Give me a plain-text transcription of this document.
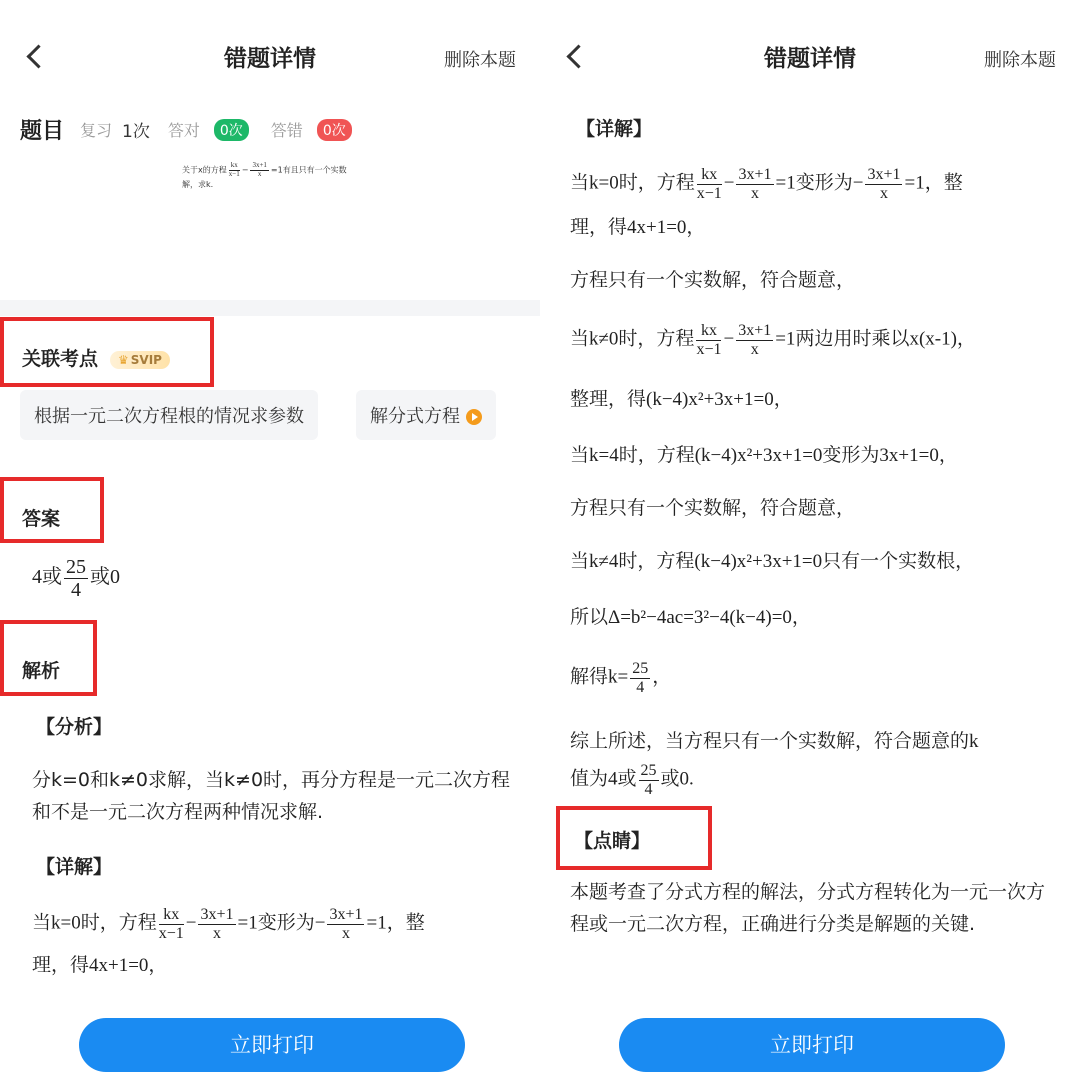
错题详情	删除本题
题目 复习 1次 答对	0次	答错	0次
关于x的方程 $\frac{kx}{x-1} - \frac{3x+1}{x} =1$有且只有一个实数
解，求k.
关联考点 ♛ SVIP
根据一元二次方程根的情况求参数	解分式方程
答案
4或 $\frac{25}{4}$ 或0
解析
【分析】
分k=0和k≠0求解，当k≠0时，再分方程是一元二次方程和不是一元二次方程两种情况求解.
【详解】
当k=0时，方程 $\frac{kx}{x-1} - \frac{3x+1}{x} =1$变形为− $\frac{3x+1}{x} =1$，整
理，得4x+1=0，
立即打印
错题详情	删除本题
【详解】
当k=0时，方程 $\frac{kx}{x-1} - \frac{3x+1}{x} =1$变形为− $\frac{3x+1}{x} =1$，整
理，得4x+1=0，
方程只有一个实数解，符合题意，
当k≠0时，方程 $\frac{kx}{x-1} - \frac{3x+1}{x} =1$两边用时乘以x(x-1)，
整理，得(k−4)x²+3x+1=0，
当k=4时，方程(k−4)x²+3x+1=0变形为3x+1=0，
方程只有一个实数解，符合题意，
当k≠4时，方程(k−4)x²+3x+1=0只有一个实数根，
所以Δ=b²−4ac=3²−4(k−4)=0，
解得$k= \frac{25}{4}$ ，
综上所述，当方程只有一个实数解，符合题意的k
值为4或 $\frac{25}{4}$ 或0.
【点睛】
本题考查了分式方程的解法，分式方程转化为一元一次方程或一元二次方程，正确进行分类是解题的关键.
立即打印
